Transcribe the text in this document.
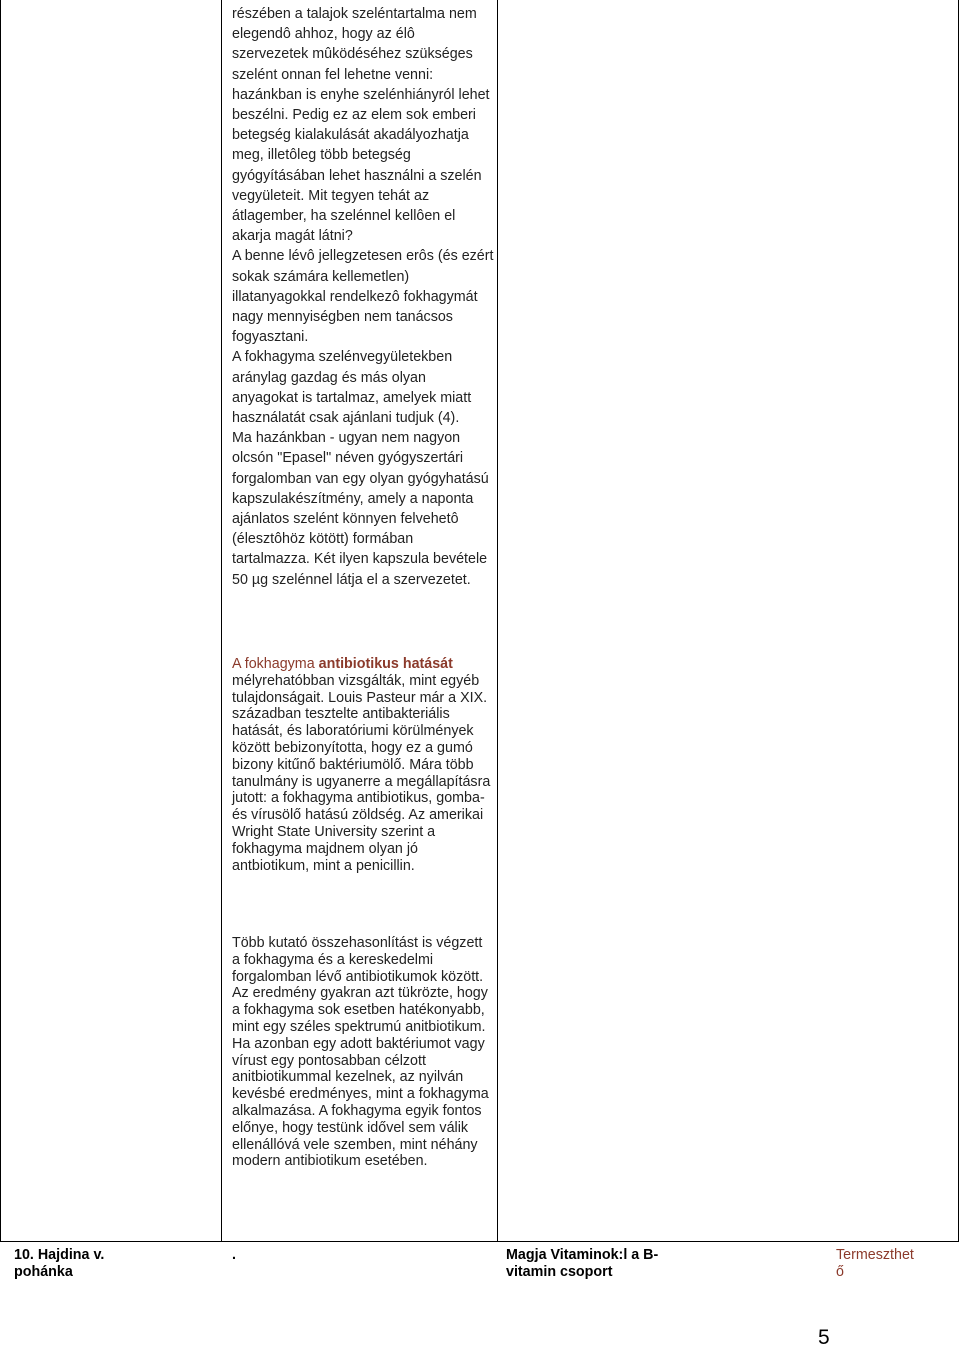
részében a talajok szeléntartalma nem elegendô ahhoz, hogy az élô szervezetek mûködéséhez szükséges szelént onnan fel lehetne venni: hazánkban is enyhe szelénhiányról lehet beszélni. Pedig ez az elem sok emberi betegség kialakulását akadályozhatja meg, illetôleg több betegség gyógyításában lehet használni a szelén vegyületeit. Mit tegyen tehát az átlagember, ha szelénnel kellôen el akarja magát látni?

A benne lévô jellegzetesen erôs (és ezért sokak számára kellemetlen) illatanyagokkal rendelkezô fokhagymát nagy mennyiségben nem tanácsos fogyasztani.

A fokhagyma szelénvegyületekben aránylag gazdag és más olyan anyagokat is tartalmaz, amelyek miatt használatát csak ajánlani tudjuk (4).

Ma hazánkban - ugyan nem nagyon olcsón "Epasel" néven gyógyszertári forgalomban van egy olyan gyógyhatású kapszulakészítmény, amely a naponta ajánlatos szelént könnyen felvehetô (élesztôhöz kötött) formában tartalmazza. Két ilyen kapszula bevétele 50 µg szelénnel látja el a szervezetet.

A fokhagyma antibiotikus hatását mélyrehatóbban vizsgálták, mint egyéb tulajdonságait. Louis Pasteur már a XIX. században tesztelte antibakteriális hatását, és laboratóriumi körülmények között bebizonyította, hogy ez a gumó bizony kitűnő baktériumölő. Mára több tanulmány is ugyanerre a megállapításra jutott: a fokhagyma antibiotikus, gomba- és vírusölő hatású zöldség. Az amerikai Wright State University szerint a fokhagyma majdnem olyan jó antbiotikum, mint a penicillin.
Több kutató összehasonlítást is végzett a fokhagyma és a kereskedelmi forgalomban lévő antibiotikumok között. Az eredmény gyakran azt tükrözte, hogy a fokhagyma sok esetben hatékonyabb, mint egy széles spektrumú anitbiotikum. Ha azonban egy adott baktériumot vagy vírust egy pontosabban célzott anitbiotikummal kezelnek, az nyilván kevésbé eredményes, mint a fokhagyma alkalmazása. A fokhagyma egyik fontos előnye, hogy testünk idővel sem válik ellenállóvá vele szemben, mint néhány modern antibiotikum esetében.
10. Hajdina v.
pohánka
.	Magja Vitaminok:l a B-
vitamin csoport
Termeszthet
ő
5
